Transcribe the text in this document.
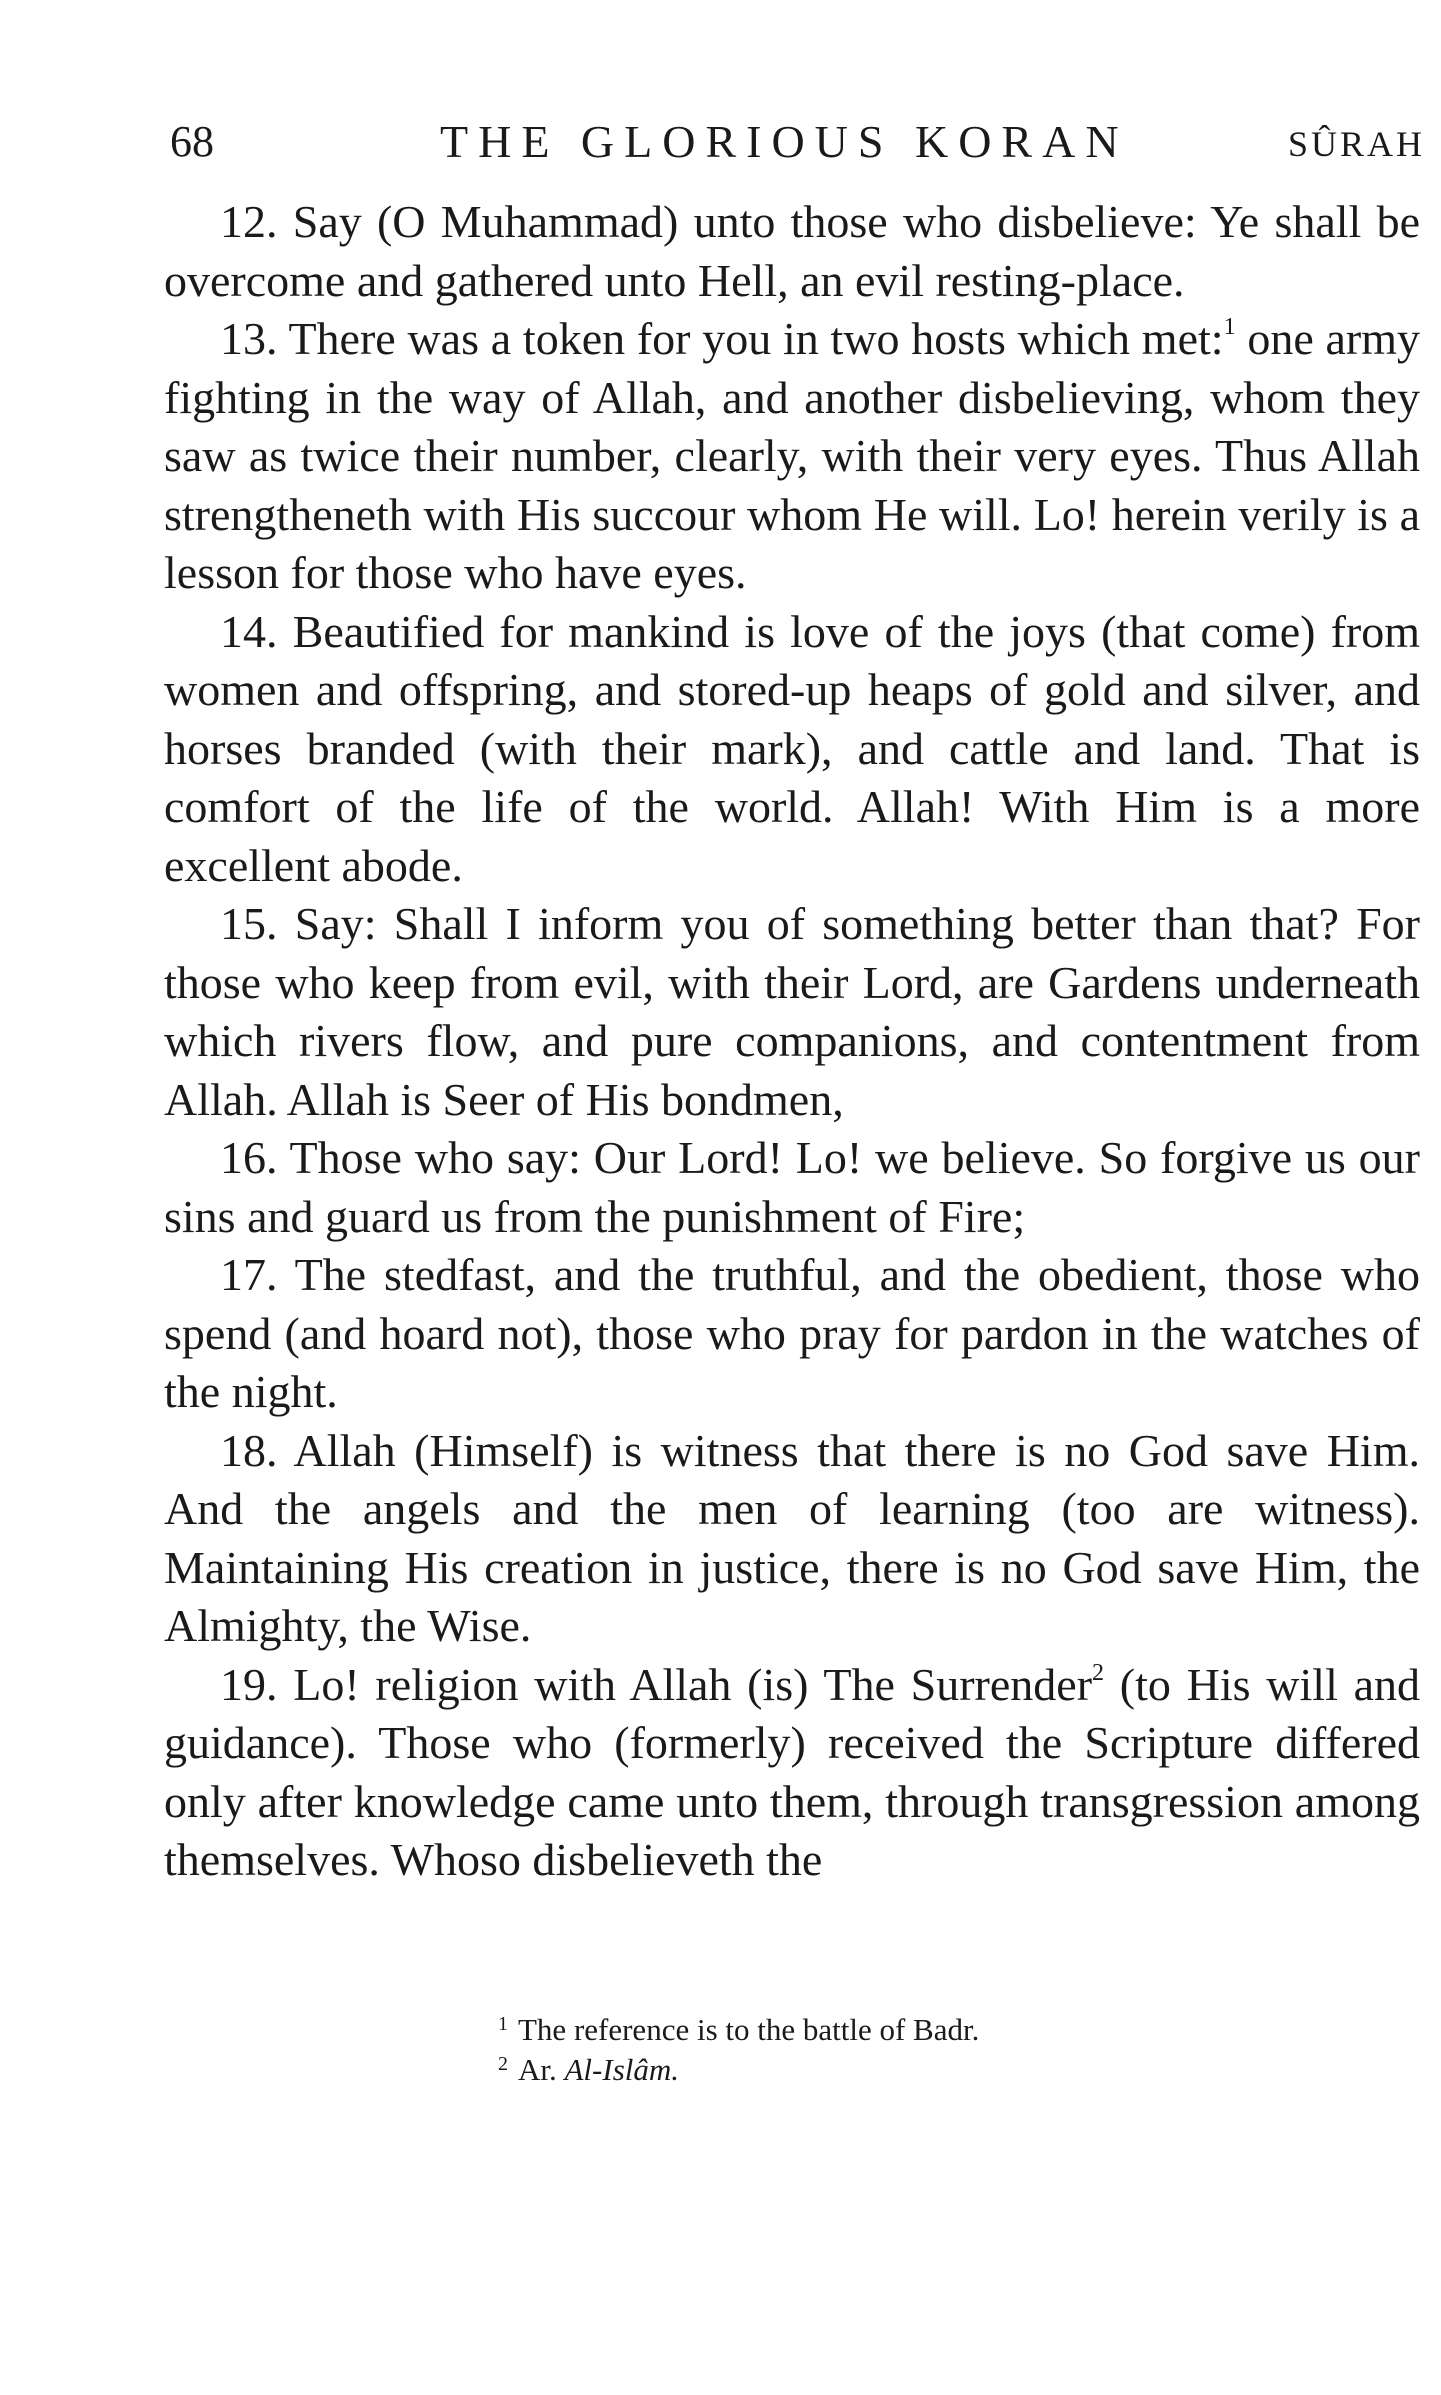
68	THE GLORIOUS KORAN	SÛRAH

12. Say (O Muhammad) unto those who disbelieve: Ye shall be overcome and gathered unto Hell, an evil resting-place.

13. There was a token for you in two hosts which met:$^1$ one army fighting in the way of Allah, and another disbelieving, whom they saw as twice their number, clearly, with their very eyes. Thus Allah strengtheneth with His succour whom He will. Lo! herein verily is a lesson for those who have eyes.

14. Beautified for mankind is love of the joys (that come) from women and offspring, and stored-up heaps of gold and silver, and horses branded (with their mark), and cattle and land. That is comfort of the life of the world. Allah! With Him is a more excellent abode.

15. Say: Shall I inform you of something better than that? For those who keep from evil, with their Lord, are Gardens underneath which rivers flow, and pure companions, and contentment from Allah. Allah is Seer of His bondmen,

16. Those who say: Our Lord! Lo! we believe. So forgive us our sins and guard us from the punishment of Fire;

17. The stedfast, and the truthful, and the obedient, those who spend (and hoard not), those who pray for pardon in the watches of the night.

18. Allah (Himself) is witness that there is no God save Him. And the angels and the men of learning (too are witness). Maintaining His creation in justice, there is no God save Him, the Almighty, the Wise.

19. Lo! religion with Allah (is) The Surrender$^2$ (to His will and guidance). Those who (formerly) received the Scripture differed only after knowledge came unto them, through transgression among themselves. Whoso disbelieveth the

$^1$ The reference is to the battle of Badr.

$^2$ Ar. Al-Islâm.
